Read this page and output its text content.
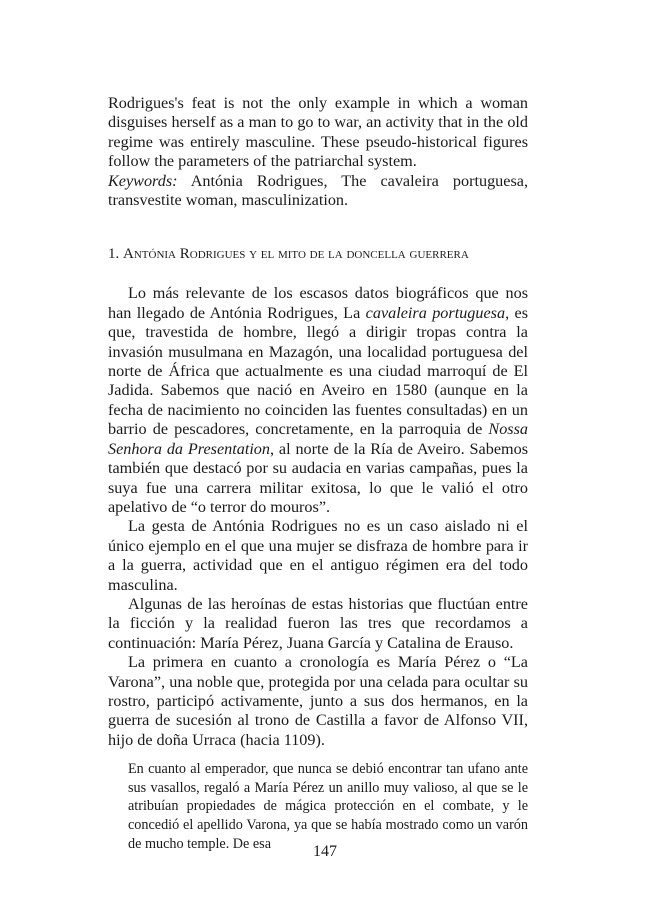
Rodrigues's feat is not the only example in which a woman disguises herself as a man to go to war, an activity that in the old regime was entirely masculine. These pseudo-historical figures follow the parameters of the patriarchal system.

Keywords: Antónia Rodrigues, The cavaleira portuguesa, transvestite woman, masculinization.

1. Antónia Rodrigues y el mito de la doncella guerrera

Lo más relevante de los escasos datos biográficos que nos han llegado de Antónia Rodrigues, La cavaleira portuguesa, es que, travestida de hombre, llegó a dirigir tropas contra la invasión musulmana en Mazagón, una localidad portuguesa del norte de África que actualmente es una ciudad marroquí de El Jadida. Sabemos que nació en Aveiro en 1580 (aunque en la fecha de nacimiento no coinciden las fuentes consultadas) en un barrio de pescadores, concretamente, en la parroquia de Nossa Senhora da Presentation, al norte de la Ría de Aveiro. Sabemos también que destacó por su audacia en varias campañas, pues la suya fue una carrera militar exitosa, lo que le valió el otro apelativo de “o terror do mouros”.

La gesta de Antónia Rodrigues no es un caso aislado ni el único ejemplo en el que una mujer se disfraza de hombre para ir a la guerra, actividad que en el antiguo régimen era del todo masculina.

Algunas de las heroínas de estas historias que fluctúan entre la ficción y la realidad fueron las tres que recordamos a continuación: María Pérez, Juana García y Catalina de Erauso.

La primera en cuanto a cronología es María Pérez o “La Varona”, una noble que, protegida por una celada para ocultar su rostro, participó activamente, junto a sus dos hermanos, en la guerra de sucesión al trono de Castilla a favor de Alfonso VII, hijo de doña Urraca (hacia 1109).

En cuanto al emperador, que nunca se debió encontrar tan ufano ante sus vasallos, regaló a María Pérez un anillo muy valioso, al que se le atribuían propiedades de mágica protección en el combate, y le concedió el apellido Varona, ya que se había mostrado como un varón de mucho temple. De esa	147
